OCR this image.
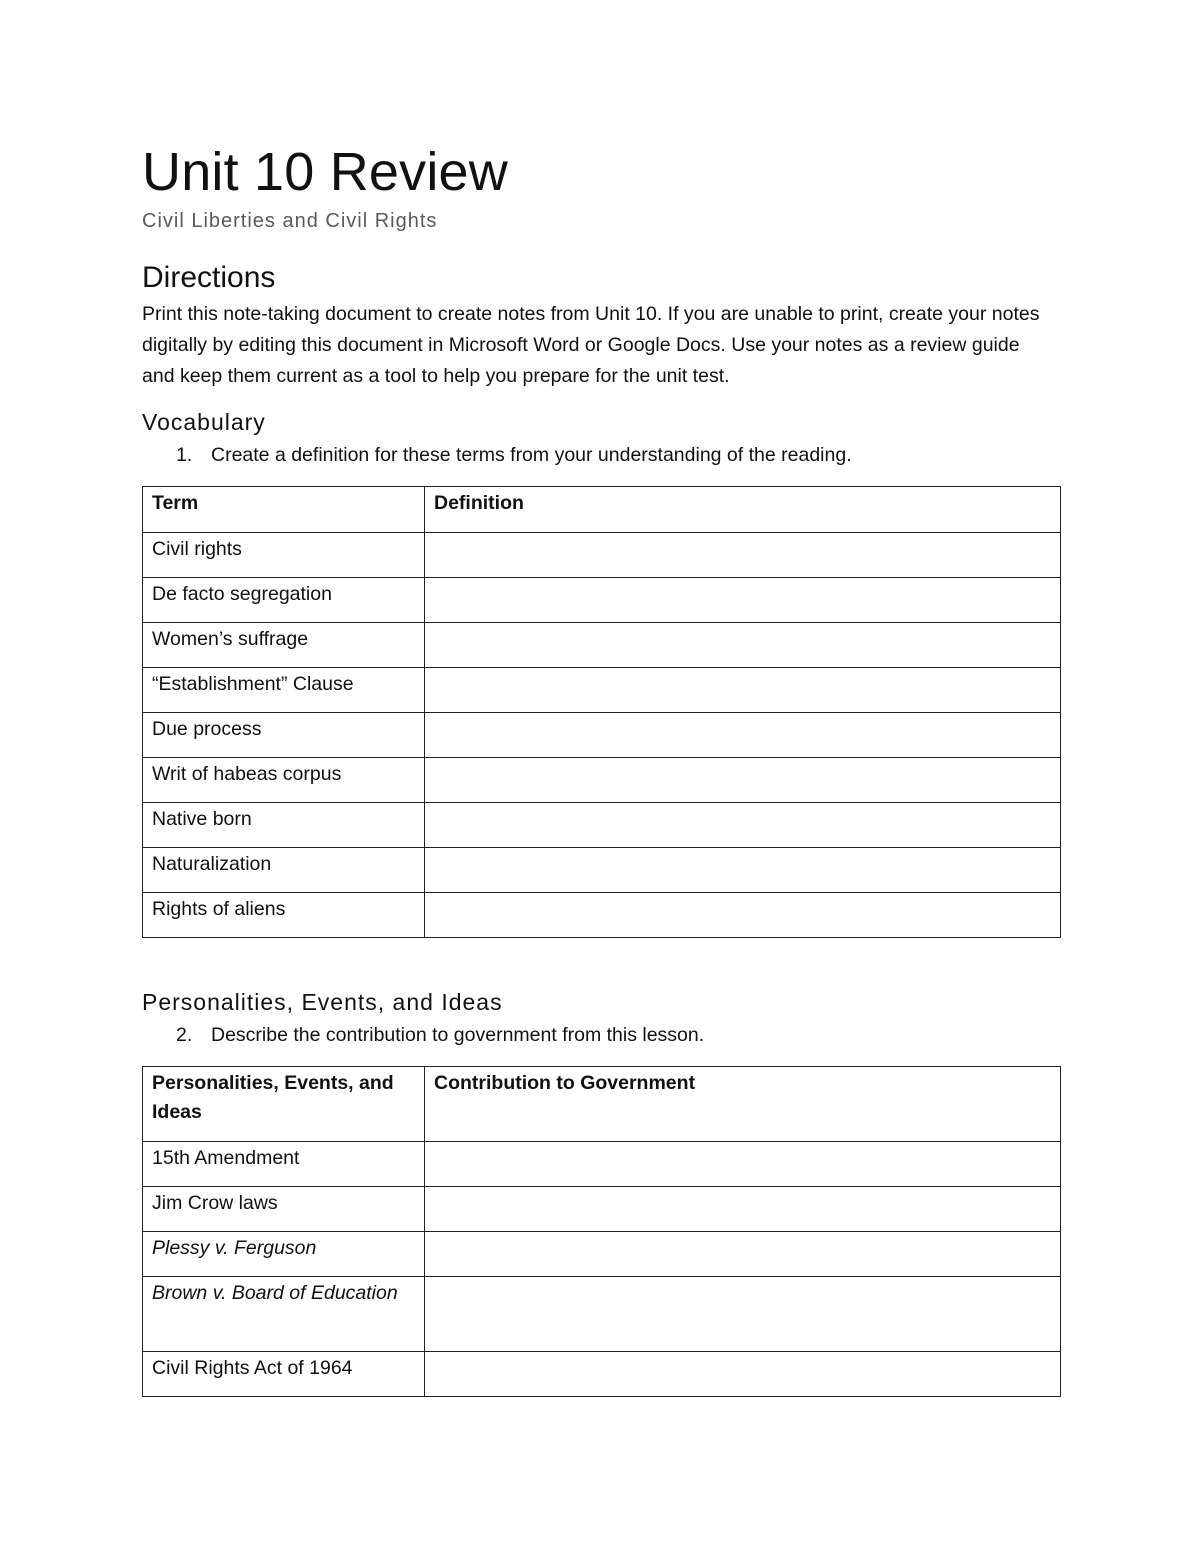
Unit 10 Review

Civil Liberties and Civil Rights

Directions

Print this note-taking document to create notes from Unit 10. If you are unable to print, create your notes digitally by editing this document in Microsoft Word or Google Docs. Use your notes as a review guide and keep them current as a tool to help you prepare for the unit test.

Vocabulary
1. Create a definition for these terms from your understanding of the reading.
Term	Definition
Civil rights	
De facto segregation	
Women’s suffrage	
“Establishment” Clause	
Due process	
Writ of habeas corpus	
Native born	
Naturalization	
Rights of aliens	
Personalities, Events, and Ideas
2. Describe the contribution to government from this lesson.
Personalities, Events, and Ideas	Contribution to Government
15th Amendment	
Jim Crow laws	
Plessy v. Ferguson	
Brown v. Board of Education	
Civil Rights Act of 1964	
